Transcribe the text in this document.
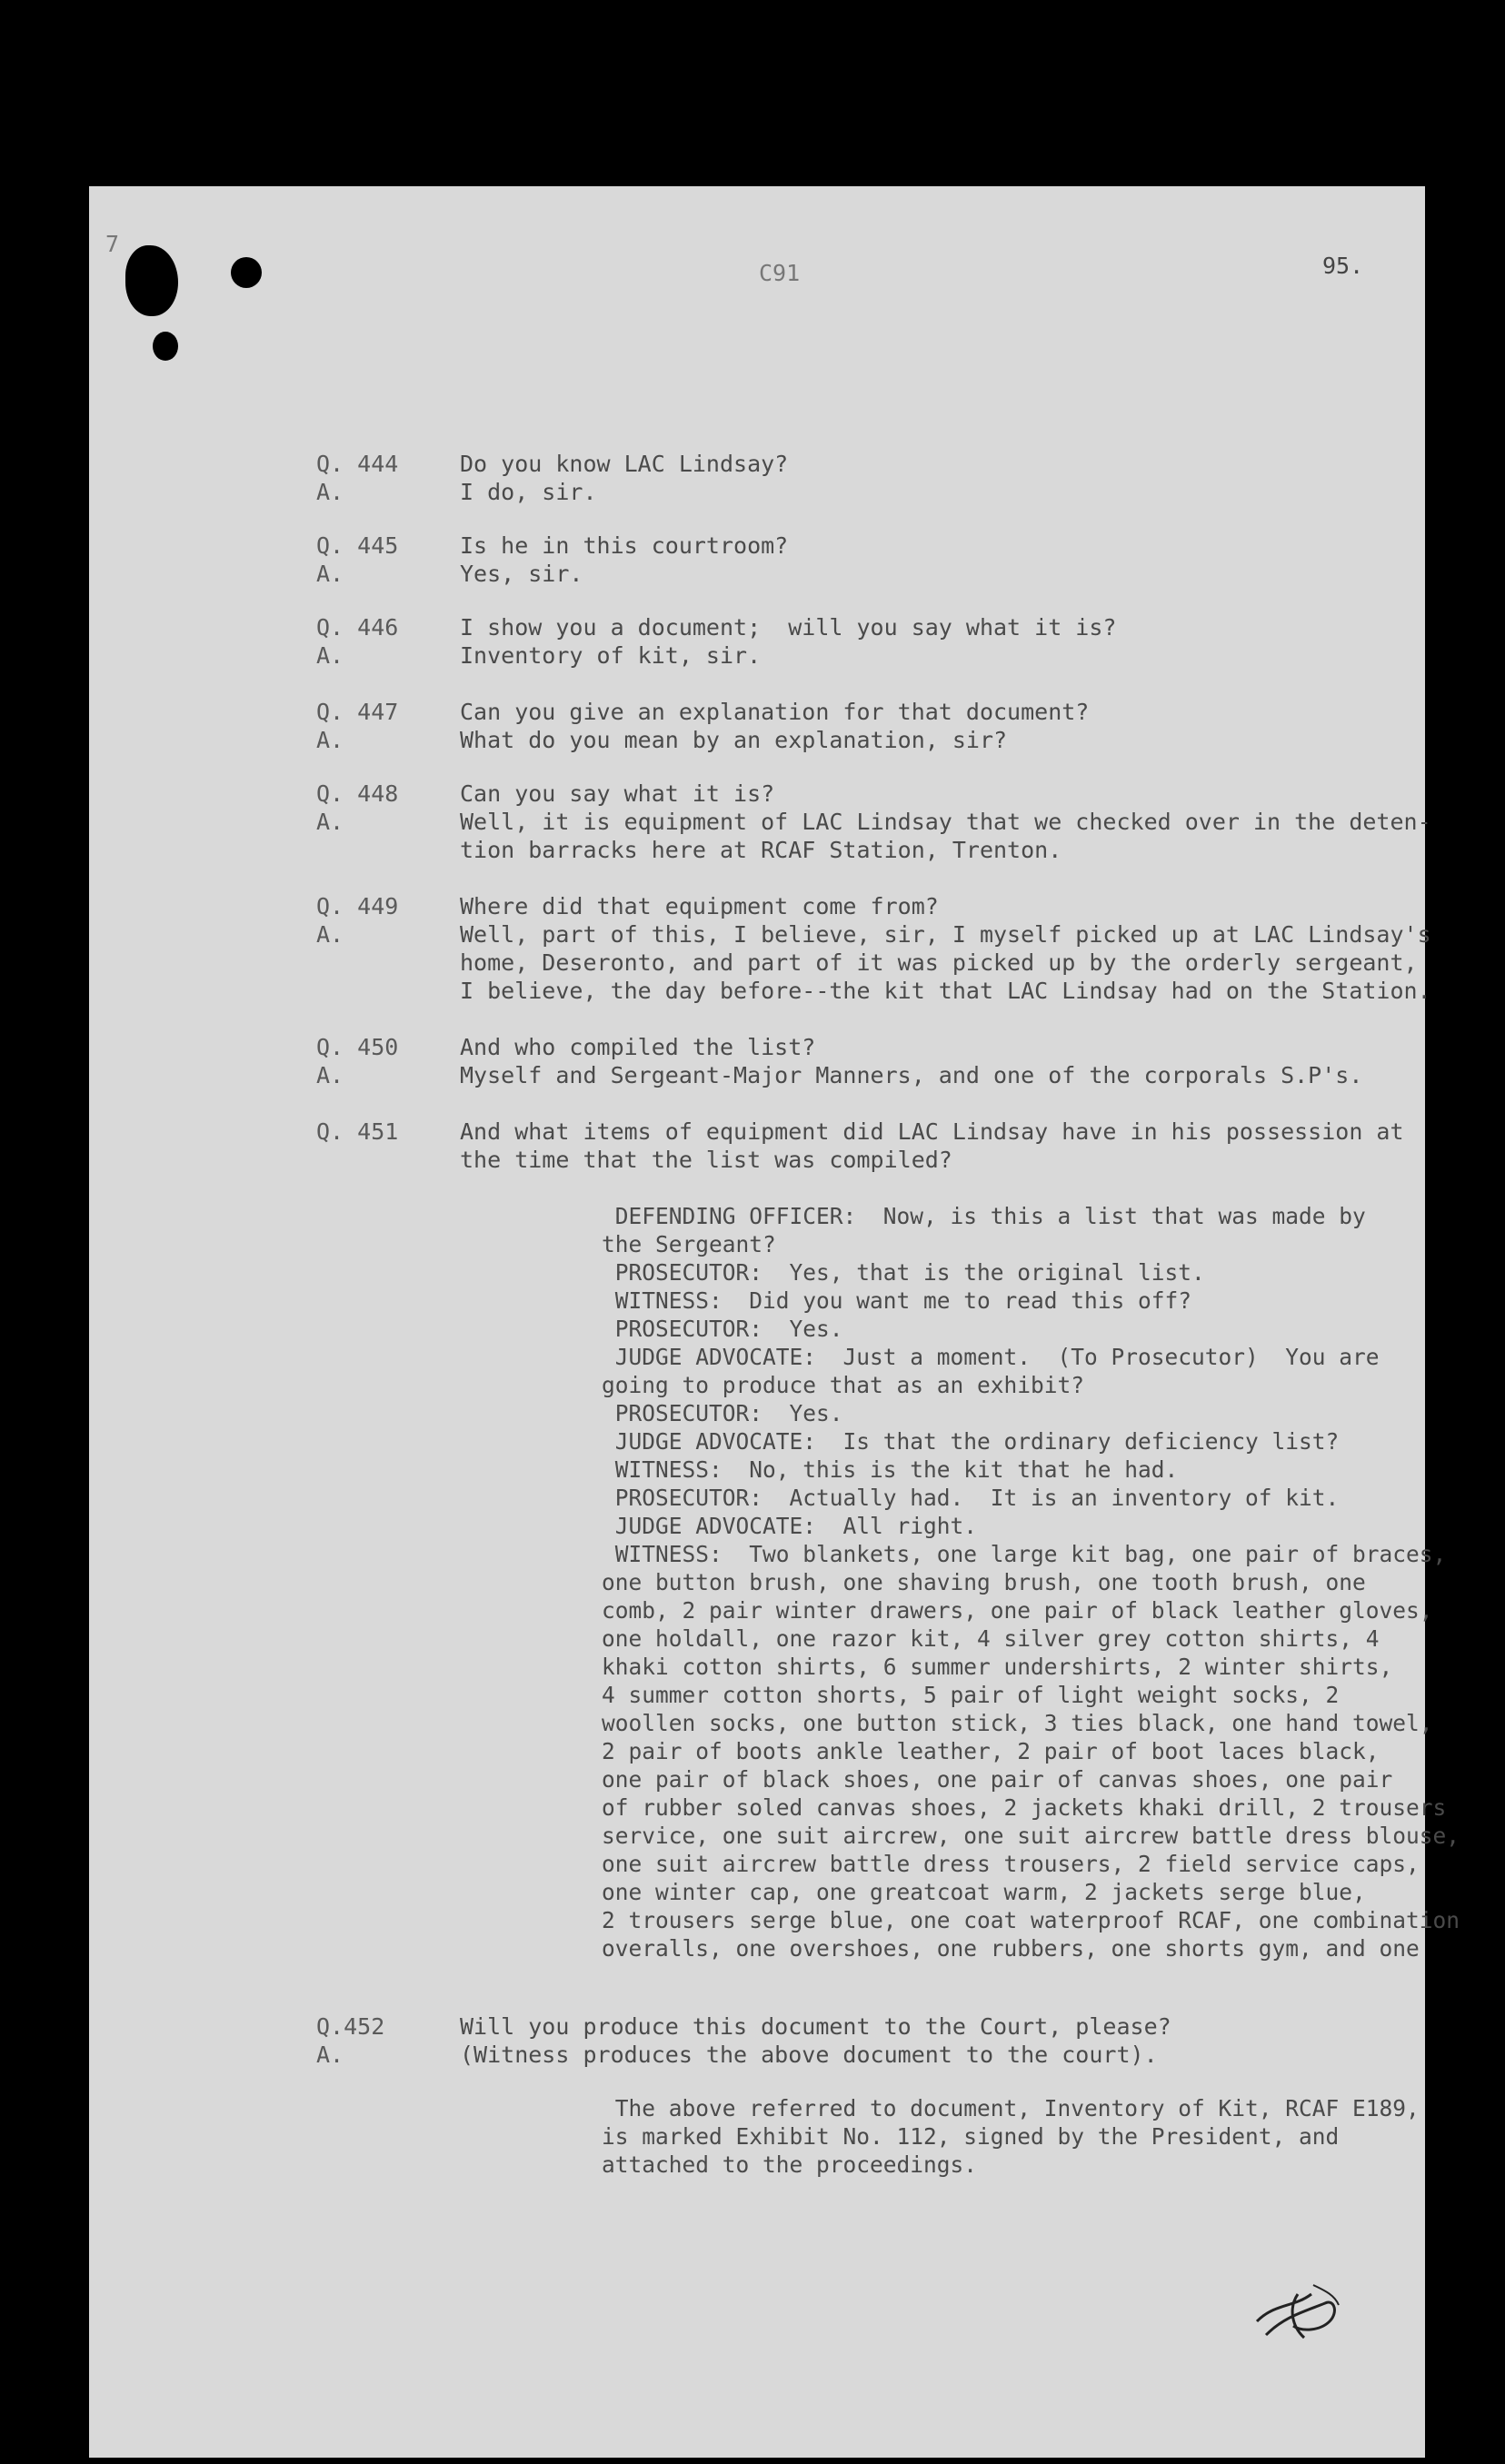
7
C91	95.
Q. 444
A.
Do you know LAC Lindsay?
I do, sir.
Q. 445
A.
Is he in this courtroom?
Yes, sir.
Q. 446
A.
I show you a document;  will you say what it is?
Inventory of kit, sir.
Q. 447
A.
Can you give an explanation for that document?
What do you mean by an explanation, sir?
Q. 448
A.
Can you say what it is?
Well, it is equipment of LAC Lindsay that we checked over in the deten-
tion barracks here at RCAF Station, Trenton.
Q. 449
A.
Where did that equipment come from?
Well, part of this, I believe, sir, I myself picked up at LAC Lindsay's
home, Deseronto, and part of it was picked up by the orderly sergeant,
I believe, the day before--the kit that LAC Lindsay had on the Station.
Q. 450
A.
And who compiled the list?
Myself and Sergeant-Major Manners, and one of the corporals S.P's.
Q. 451	And what items of equipment did LAC Lindsay have in his possession at
the time that the list was compiled?
DEFENDING OFFICER:  Now, is this a list that was made by
the Sergeant?
PROSECUTOR:  Yes, that is the original list.
WITNESS:  Did you want me to read this off?
PROSECUTOR:  Yes.
JUDGE ADVOCATE:  Just a moment.  (To Prosecutor)  You are
going to produce that as an exhibit?
PROSECUTOR:  Yes.
JUDGE ADVOCATE:  Is that the ordinary deficiency list?
WITNESS:  No, this is the kit that he had.
PROSECUTOR:  Actually had.  It is an inventory of kit.
JUDGE ADVOCATE:  All right.
WITNESS:  Two blankets, one large kit bag, one pair of braces,
one button brush, one shaving brush, one tooth brush, one
comb, 2 pair winter drawers, one pair of black leather gloves,
one holdall, one razor kit, 4 silver grey cotton shirts, 4
khaki cotton shirts, 6 summer undershirts, 2 winter shirts,
4 summer cotton shorts, 5 pair of light weight socks, 2
woollen socks, one button stick, 3 ties black, one hand towel,
2 pair of boots ankle leather, 2 pair of boot laces black,
one pair of black shoes, one pair of canvas shoes, one pair
of rubber soled canvas shoes, 2 jackets khaki drill, 2 trousers
service, one suit aircrew, one suit aircrew battle dress blouse,
one suit aircrew battle dress trousers, 2 field service caps,
one winter cap, one greatcoat warm, 2 jackets serge blue,
2 trousers serge blue, one coat waterproof RCAF, one combination
overalls, one overshoes, one rubbers, one shorts gym, and one
Q.452
A.
Will you produce this document to the Court, please?
(Witness produces the above document to the court).
The above referred to document, Inventory of Kit, RCAF E189,
is marked Exhibit No. 112, signed by the President, and
attached to the proceedings.
